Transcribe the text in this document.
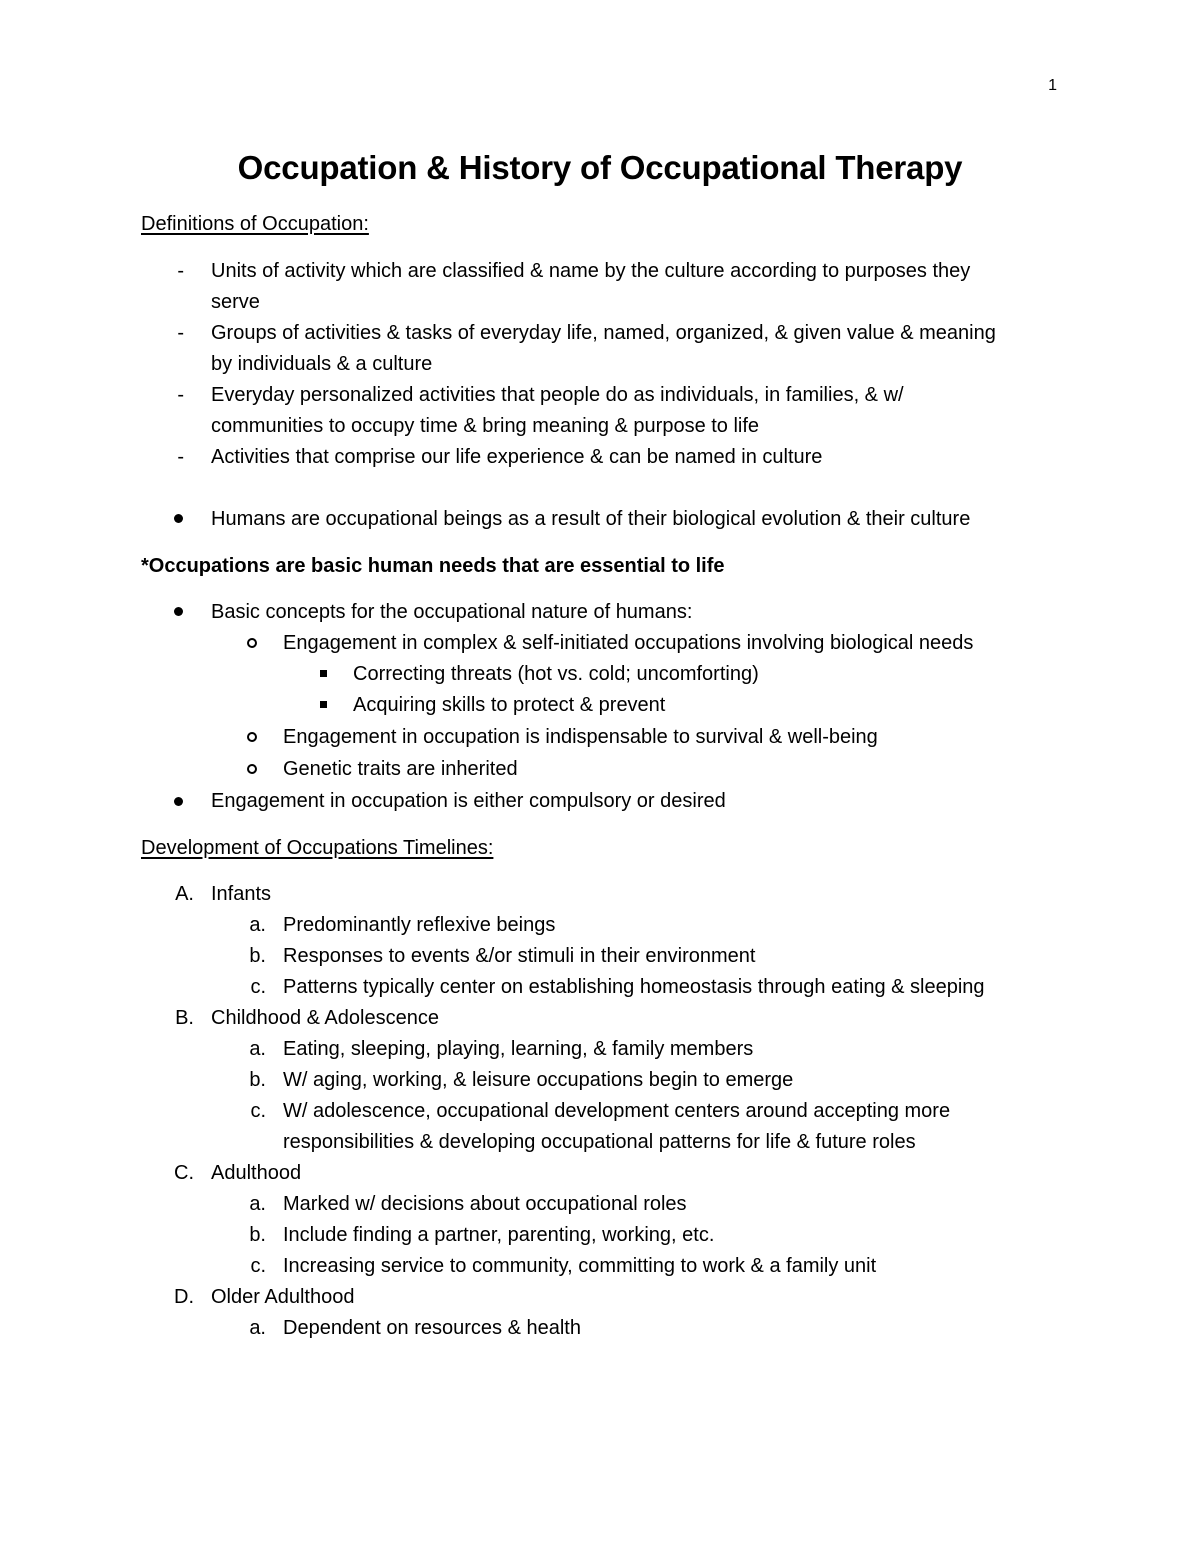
1
Occupation & History of Occupational Therapy
Definitions of Occupation:
- Units of activity which are classified & name by the culture according to purposes they
serve
- Groups of activities & tasks of everyday life, named, organized, & given value & meaning
by individuals & a culture
- Everyday personalized activities that people do as individuals, in families, & w/
communities to occupy time & bring meaning & purpose to life
- Activities that comprise our life experience & can be named in culture
Humans are occupational beings as a result of their biological evolution & their culture
*Occupations are basic human needs that are essential to life
Basic concepts for the occupational nature of humans:
Engagement in complex & self-initiated occupations involving biological needs
Correcting threats (hot vs. cold; uncomforting)
Acquiring skills to protect & prevent
Engagement in occupation is indispensable to survival & well-being
Genetic traits are inherited
Engagement in occupation is either compulsory or desired
Development of Occupations Timelines:
A. Infants
a. Predominantly reflexive beings
b. Responses to events &/or stimuli in their environment
c. Patterns typically center on establishing homeostasis through eating & sleeping
B. Childhood & Adolescence
a. Eating, sleeping, playing, learning, & family members
b. W/ aging, working, & leisure occupations begin to emerge
c. W/ adolescence, occupational development centers around accepting more
responsibilities & developing occupational patterns for life & future roles
C. Adulthood
a. Marked w/ decisions about occupational roles
b. Include finding a partner, parenting, working, etc.
c. Increasing service to community, committing to work & a family unit
D. Older Adulthood
a. Dependent on resources & health
